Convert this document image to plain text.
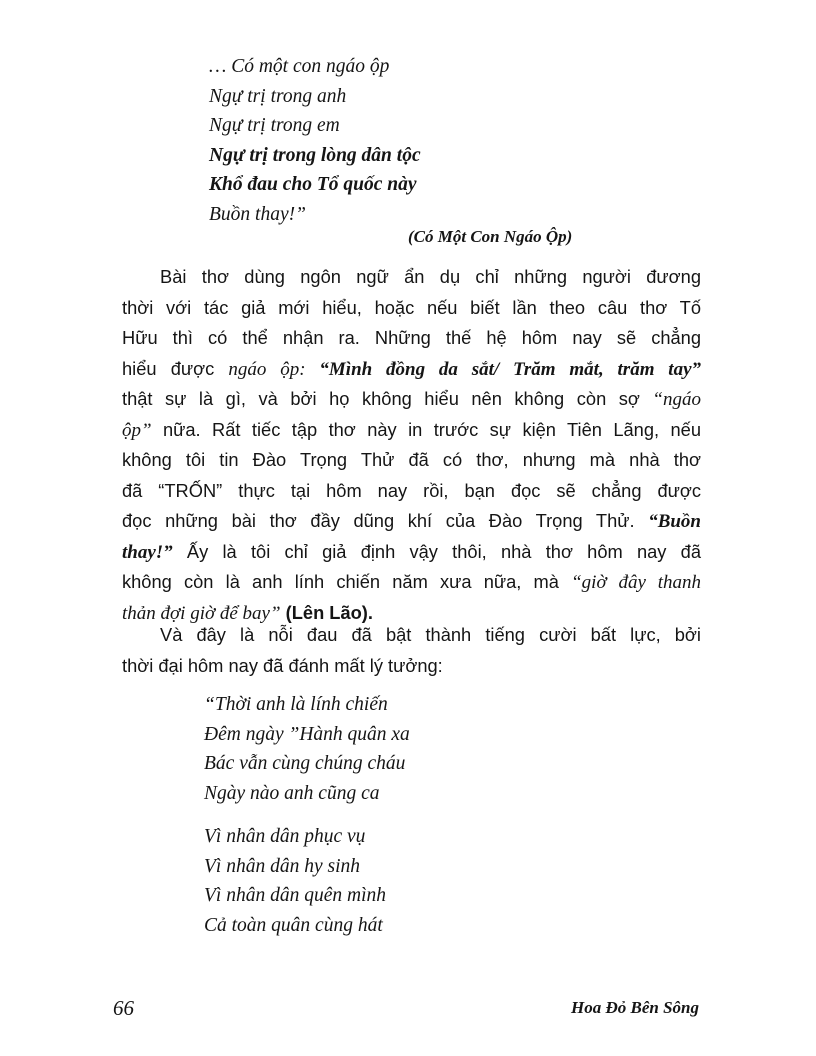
… Có một con ngáo ộp
Ngự trị trong anh
Ngự trị trong em
Ngự trị trong lòng dân tộc
Khổ đau cho Tổ quốc này
Buồn thay!”
(Có Một Con Ngáo Ộp)
Bài thơ dùng ngôn ngữ ẩn dụ chỉ những người đương
thời với tác giả mới hiểu, hoặc nếu biết lần theo câu thơ Tố
Hữu thì có thể nhận ra. Những thế hệ hôm nay sẽ chẳng
hiểu được ngáo ộp: “Mình đồng da sắt/ Trăm mắt, trăm tay”
thật sự là gì, và bởi họ không hiểu nên không còn sợ “ngáo
ộp” nữa. Rất tiếc tập thơ này in trước sự kiện Tiên Lãng, nếu
không tôi tin Đào Trọng Thử đã có thơ, nhưng mà nhà thơ
đã “TRỐN” thực tại hôm nay rồi, bạn đọc sẽ chẳng được
đọc những bài thơ đầy dũng khí của Đào Trọng Thử. “Buồn
thay!” Ấy là tôi chỉ giả định vậy thôi, nhà thơ hôm nay đã
không còn là anh lính chiến năm xưa nữa, mà “giờ đây thanh
thản đợi giờ để bay” (Lên Lão).
Và đây là nỗi đau đã bật thành tiếng cười bất lực, bởi
thời đại hôm nay đã đánh mất lý tưởng:
“Thời anh là lính chiến
Đêm ngày ”Hành quân xa
Bác vẫn cùng chúng cháu
Ngày nào anh cũng ca
Vì nhân dân phục vụ
Vì nhân dân hy sinh
Vì nhân dân quên mình
Cả toàn quân cùng hát
66	Hoa Đỏ Bên Sông
